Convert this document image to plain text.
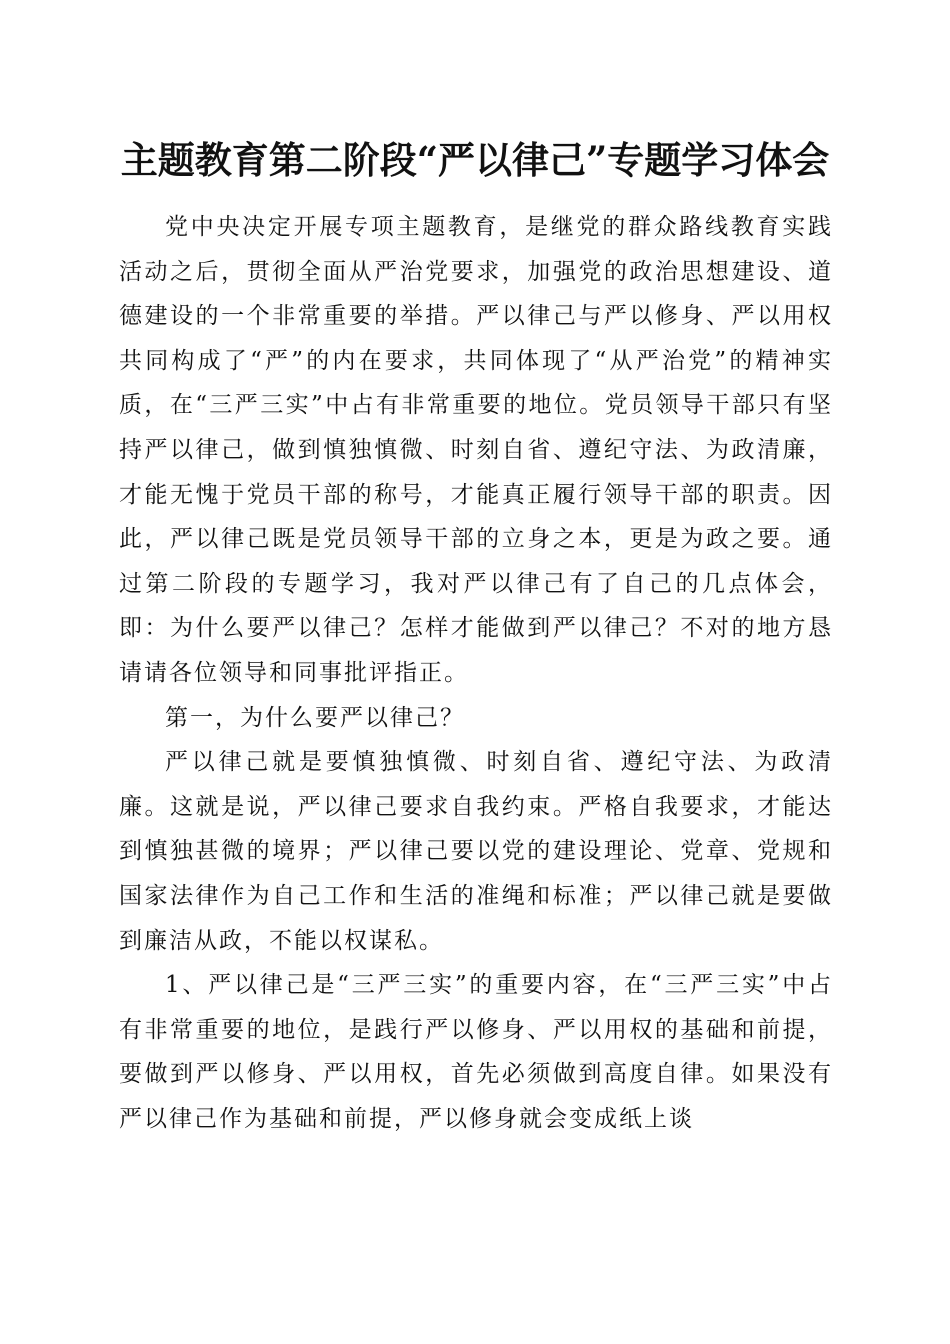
主题教育第二阶段“严以律己”专题学习体会

党中央决定开展专项主题教育，是继党的群众路线教育实践活动之后，贯彻全面从严治党要求，加强党的政治思想建设、道德建设的一个非常重要的举措。严以律己与严以修身、严以用权共同构成了“严”的内在要求，共同体现了“从严治党”的精神实质，在“三严三实”中占有非常重要的地位。党员领导干部只有坚持严以律己，做到慎独慎微、时刻自省、遵纪守法、为政清廉，才能无愧于党员干部的称号，才能真正履行领导干部的职责。因此，严以律己既是党员领导干部的立身之本，更是为政之要。通过第二阶段的专题学习，我对严以律己有了自己的几点体会，即：为什么要严以律己？怎样才能做到严以律己？不对的地方恳请请各位领导和同事批评指正。

第一，为什么要严以律己？

严以律己就是要慎独慎微、时刻自省、遵纪守法、为政清廉。这就是说，严以律己要求自我约束。严格自我要求，才能达到慎独甚微的境界；严以律己要以党的建设理论、党章、党规和国家法律作为自己工作和生活的准绳和标准；严以律己就是要做到廉洁从政，不能以权谋私。

1、严以律己是“三严三实”的重要内容，在“三严三实”中占有非常重要的地位，是践行严以修身、严以用权的基础和前提，要做到严以修身、严以用权，首先必须做到高度自律。如果没有严以律己作为基础和前提，严以修身就会变成纸上谈
